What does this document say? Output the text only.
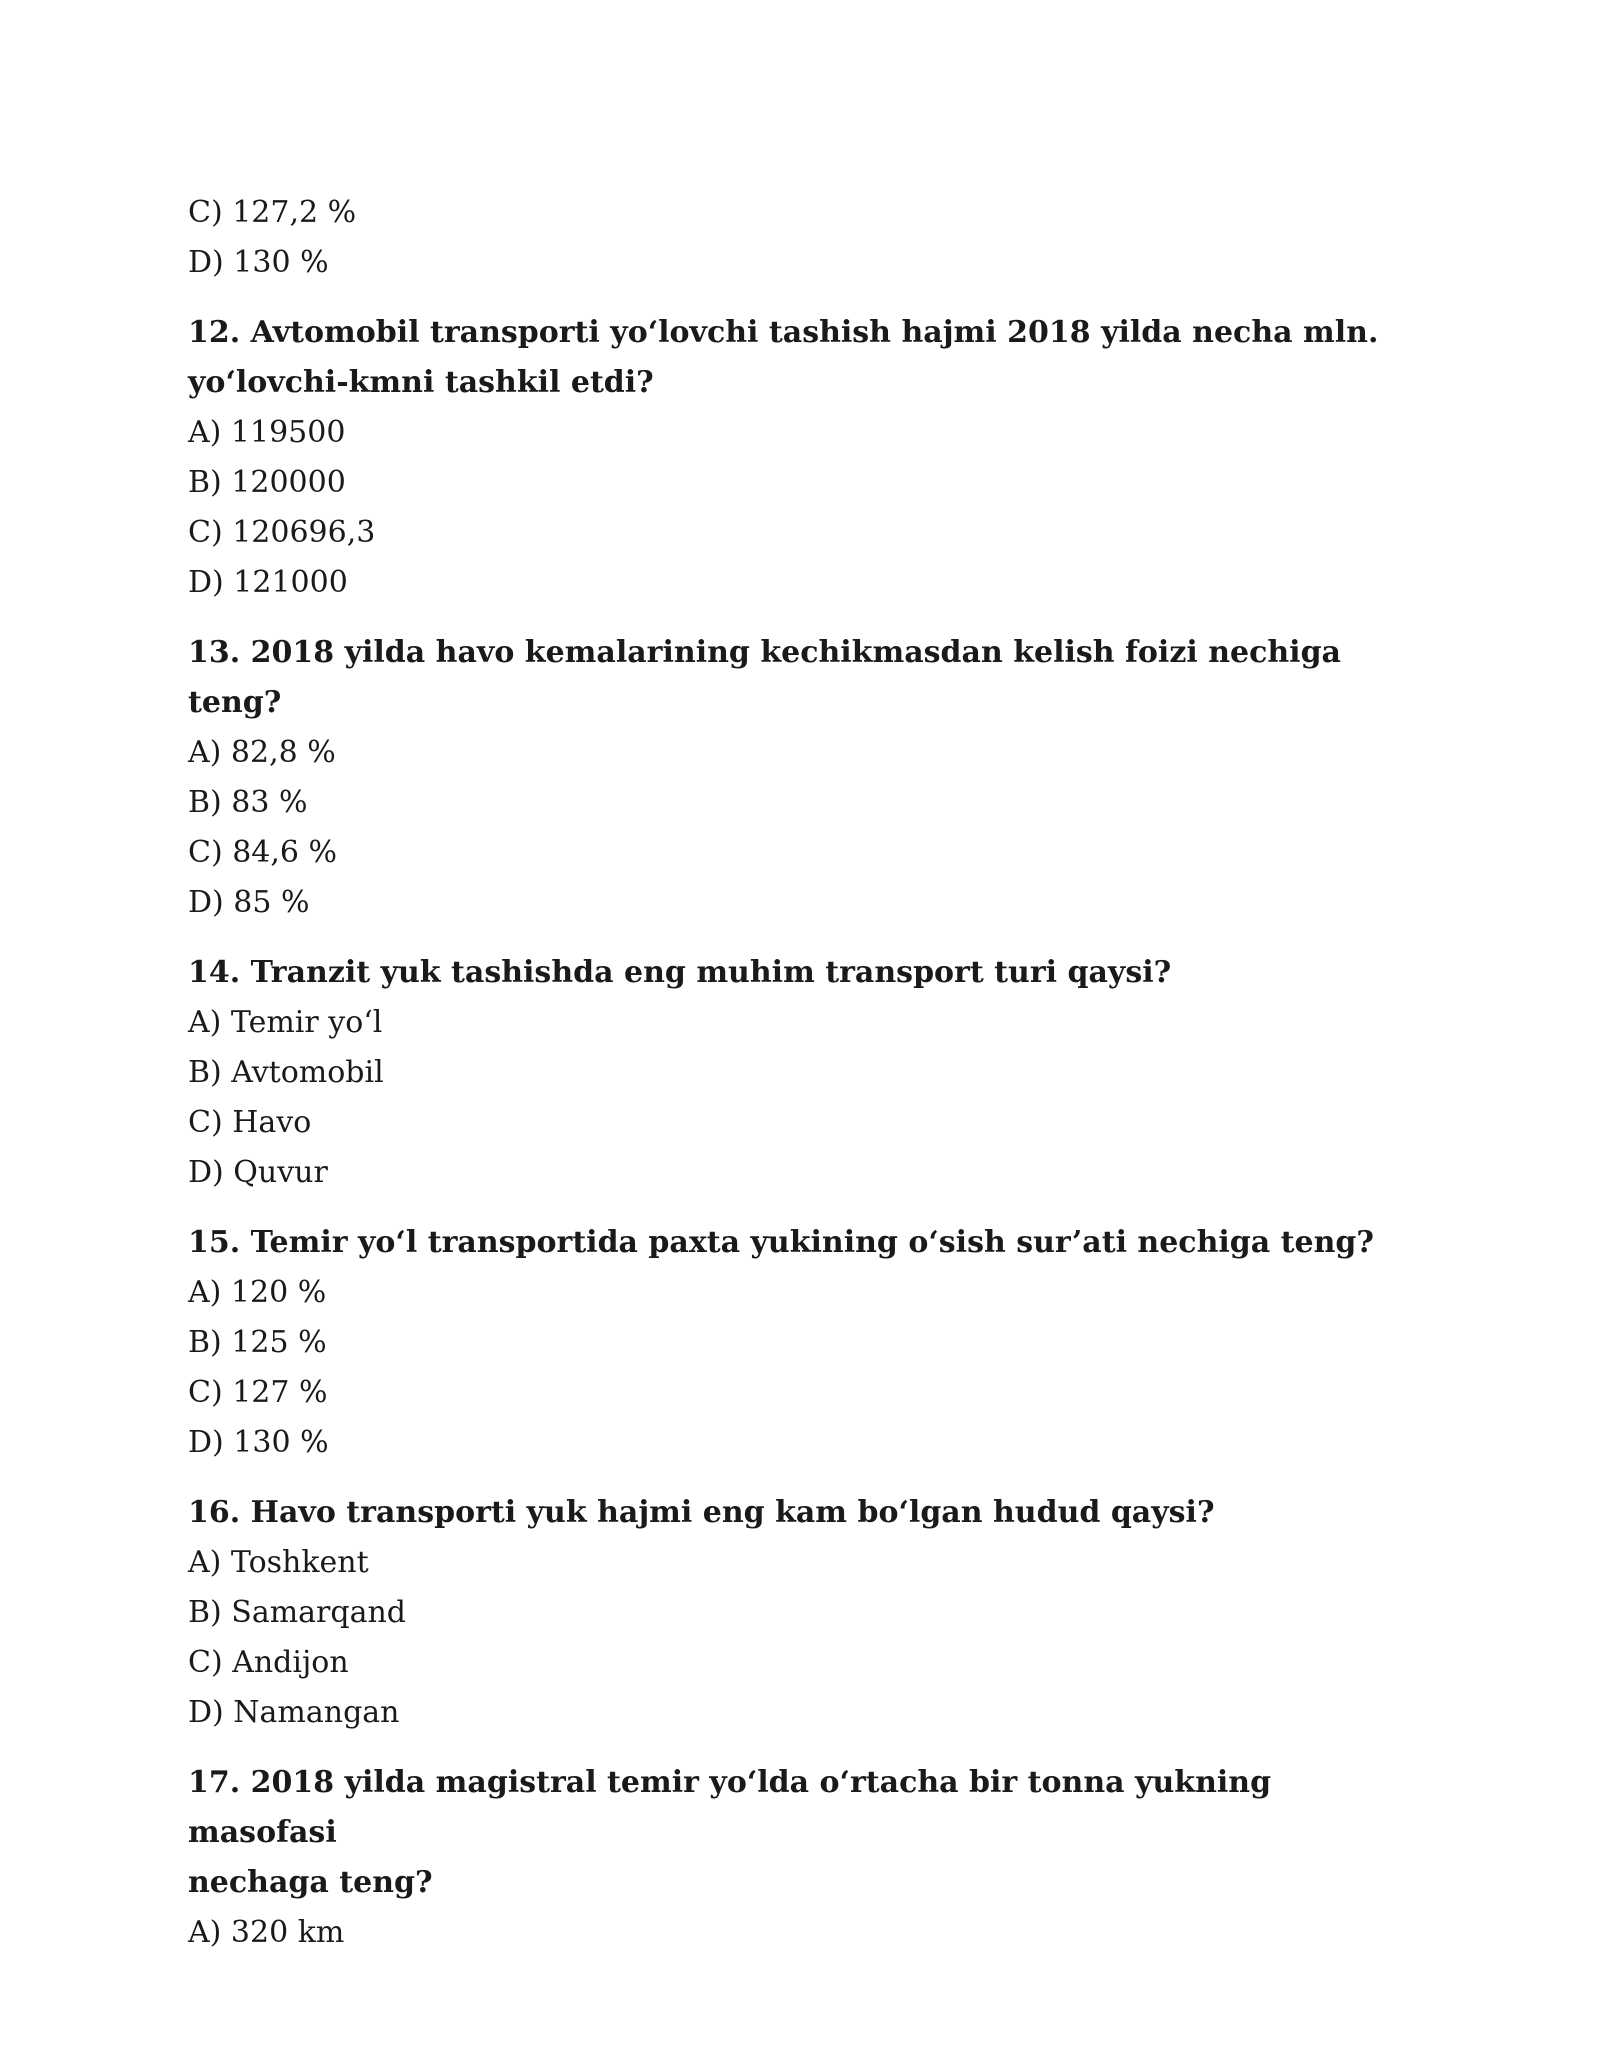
C) 127,2 %
D) 130 %
12. Avtomobil transporti yo‘lovchi tashish hajmi 2018 yilda necha mln.
yo‘lovchi-kmni tashkil etdi?
A) 119500
B) 120000
C) 120696,3
D) 121000
13. 2018 yilda havo kemalarining kechikmasdan kelish foizi nechiga teng?
A) 82,8 %
B) 83 %
C) 84,6 %
D) 85 %
14. Tranzit yuk tashishda eng muhim transport turi qaysi?
A) Temir yo‘l
B) Avtomobil
C) Havo
D) Quvur
15. Temir yo‘l transportida paxta yukining o‘sish sur’ati nechiga teng?
A) 120 %
B) 125 %
C) 127 %
D) 130 %
16. Havo transporti yuk hajmi eng kam bo‘lgan hudud qaysi?
A) Toshkent
B) Samarqand
C) Andijon
D) Namangan
17. 2018 yilda magistral temir yo‘lda o‘rtacha bir tonna yukning masofasi
nechaga teng?
A) 320 km
